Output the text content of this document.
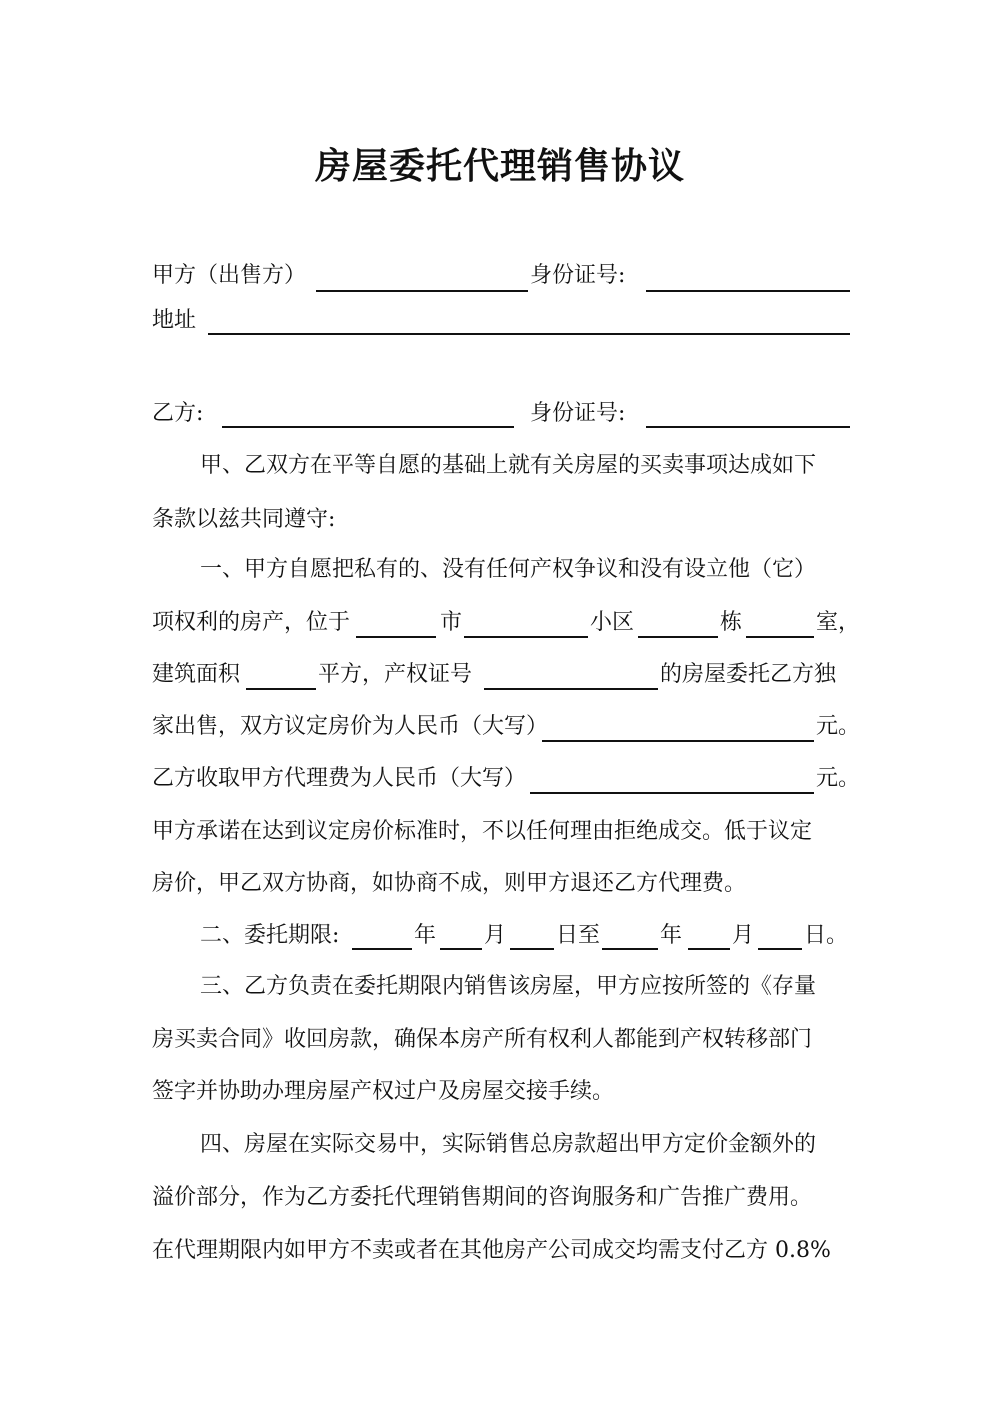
房屋委托代理销售协议
甲方（出售方）	身份证号:
地址
乙方:	身份证号:
甲、乙双方在平等自愿的基础上就有关房屋的买卖事项达成如下
条款以兹共同遵守:
一、甲方自愿把私有的、没有任何产权争议和没有设立他（它）
项权利的房产，位于	市	小区	栋	室，
建筑面积	平方，产权证号	的房屋委托乙方独
家出售，双方议定房价为人民币（大写）	元。
乙方收取甲方代理费为人民币（大写）	元。
甲方承诺在达到议定房价标准时，不以任何理由拒绝成交。低于议定
房价，甲乙双方协商，如协商不成，则甲方退还乙方代理费。
二、委托期限:	年 月 日至	年 月 日。
三、乙方负责在委托期限内销售该房屋，甲方应按所签的《存量
房买卖合同》收回房款，确保本房产所有权利人都能到产权转移部门
签字并协助办理房屋产权过户及房屋交接手续。
四、房屋在实际交易中，实际销售总房款超出甲方定价金额外的
溢价部分，作为乙方委托代理销售期间的咨询服务和广告推广费用。
在代理期限内如甲方不卖或者在其他房产公司成交均需支付乙方 0.8%
